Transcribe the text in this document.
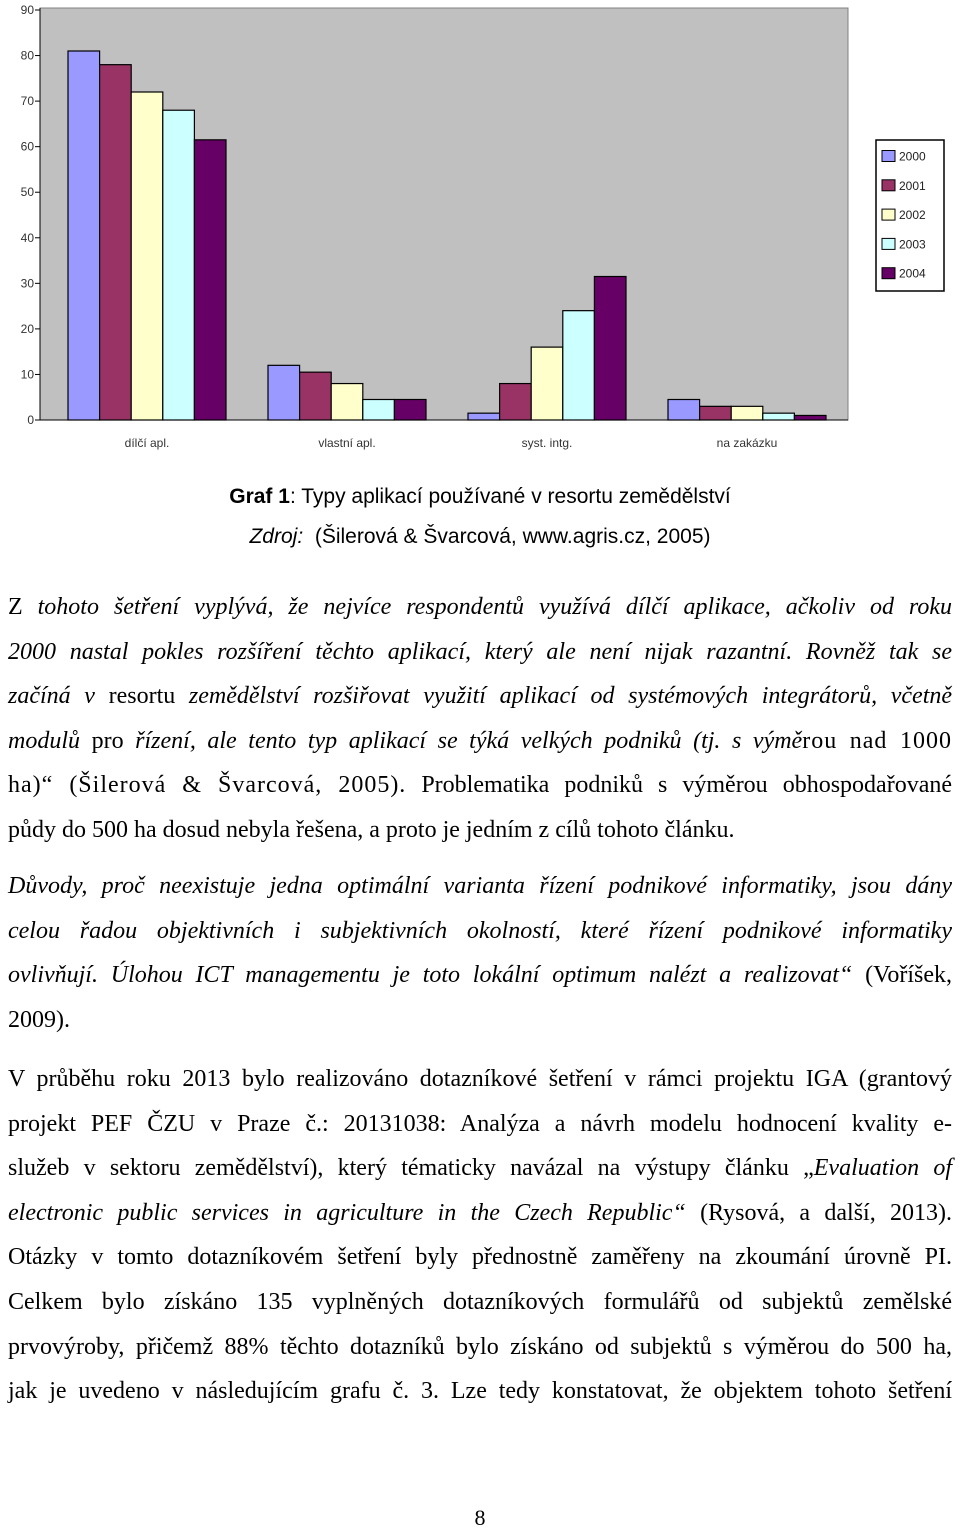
0
10
20
30
40
50
60
70
80
90
dílčí apl.	vlastní apl.	syst. intg.	na zakázku
2000
2001
2002
2003
2004
Graf 1: Typy aplikací používané v resortu zemědělství
Zdroj: (Šilerová & Švarcová, www.agris.cz, 2005)
Z tohoto šetření vyplývá, že nejvíce respondentů využívá dílčí aplikace, ačkoliv od roku
2000 nastal pokles rozšíření těchto aplikací, který ale není nijak razantní. Rovněž tak se
začíná v resortu zemědělství rozšiřovat využití aplikací od systémových integrátorů, včetně
modulů pro řízení, ale tento typ aplikací se týká velkých podniků (tj. s výměrou nad 1000
ha)“ (Šilerová & Švarcová, 2005). Problematika podniků s výměrou obhospodařované
půdy do 500 ha dosud nebyla řešena, a proto je jedním z cílů tohoto článku.
Důvody, proč neexistuje jedna optimální varianta řízení podnikové informatiky, jsou dány
celou řadou objektivních i subjektivních okolností, které řízení podnikové informatiky
ovlivňují. Úlohou ICT managementu je toto lokální optimum nalézt a realizovat“ (Voříšek,
2009).
V průběhu roku 2013 bylo realizováno dotazníkové šetření v rámci projektu IGA (grantový
projekt PEF ČZU v Praze č.: 20131038: Analýza a návrh modelu hodnocení kvality e-
služeb v sektoru zemědělství), který tématicky navázal na výstupy článku „Evaluation of
electronic public services in agriculture in the Czech Republic“ (Rysová, a další, 2013).
Otázky v tomto dotazníkovém šetření byly přednostně zaměřeny na zkoumání úrovně PI.
Celkem bylo získáno 135 vyplněných dotazníkových formulářů od subjektů zemělské
prvovýroby, přičemž 88% těchto dotazníků bylo získáno od subjektů s výměrou do 500 ha,
jak je uvedeno v následujícím grafu č. 3. Lze tedy konstatovat, že objektem tohoto šetření
8
